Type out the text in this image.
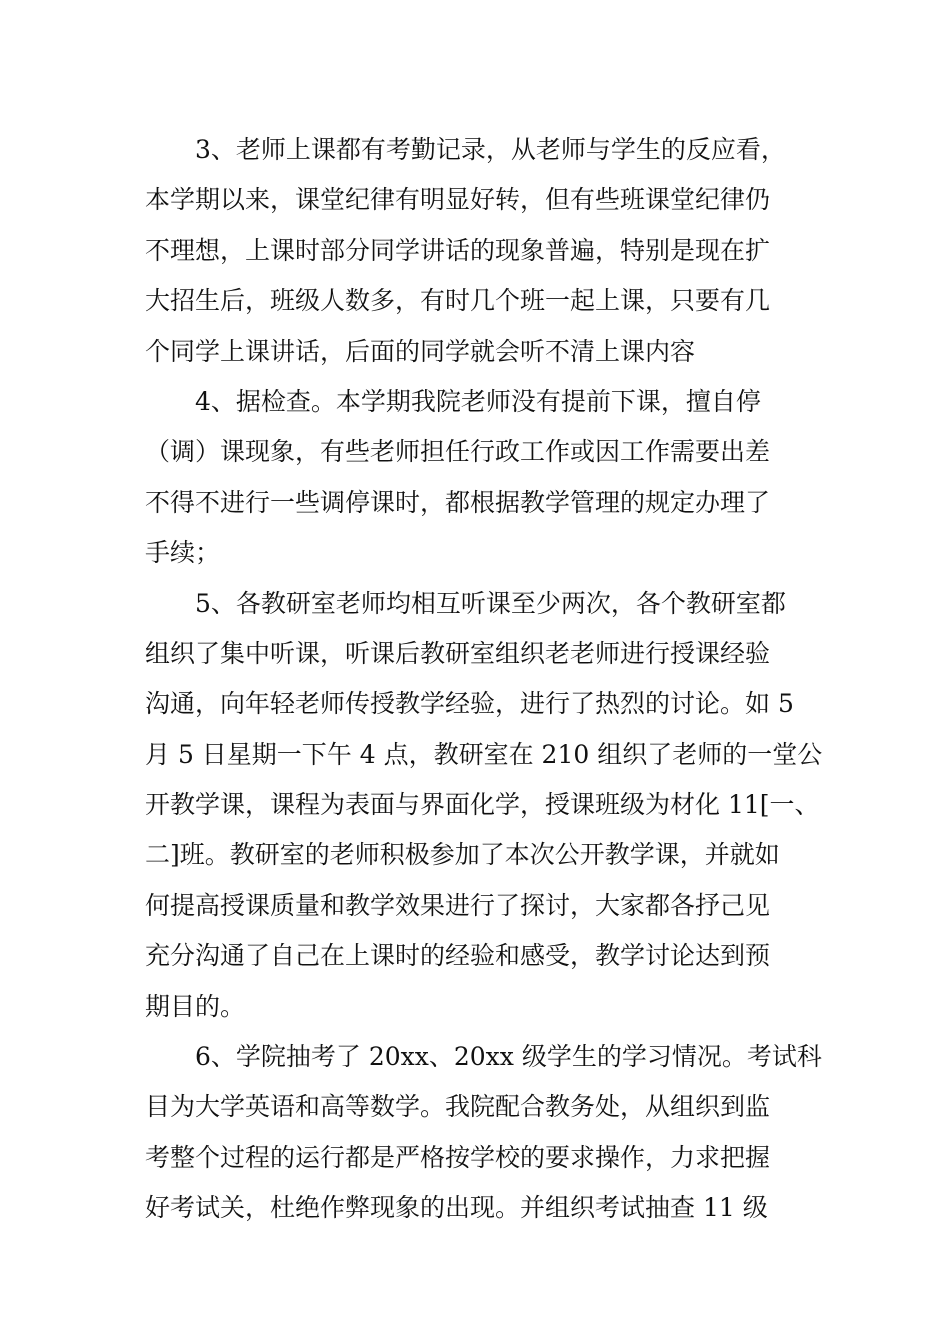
3、老师上课都有考勤记录，从老师与学生的反应看，
本学期以来，课堂纪律有明显好转，但有些班课堂纪律仍
不理想，上课时部分同学讲话的现象普遍，特别是现在扩
大招生后，班级人数多，有时几个班一起上课，只要有几
个同学上课讲话，后面的同学就会听不清上课内容
4、据检查。本学期我院老师没有提前下课，擅自停
（调）课现象，有些老师担任行政工作或因工作需要出差
不得不进行一些调停课时，都根据教学管理的规定办理了
手续；
5、各教研室老师均相互听课至少两次，各个教研室都
组织了集中听课，听课后教研室组织老老师进行授课经验
沟通，向年轻老师传授教学经验，进行了热烈的讨论。如 5
月 5 日星期一下午 4 点，教研室在 210 组织了老师的一堂公
开教学课，课程为表面与界面化学，授课班级为材化 11[一、
二]班。教研室的老师积极参加了本次公开教学课，并就如
何提高授课质量和教学效果进行了探讨，大家都各抒己见
充分沟通了自己在上课时的经验和感受，教学讨论达到预
期目的。
6、学院抽考了 20xx、20xx 级学生的学习情况。考试科
目为大学英语和高等数学。我院配合教务处，从组织到监
考整个过程的运行都是严格按学校的要求操作，力求把握
好考试关，杜绝作弊现象的出现。并组织考试抽查 11 级
